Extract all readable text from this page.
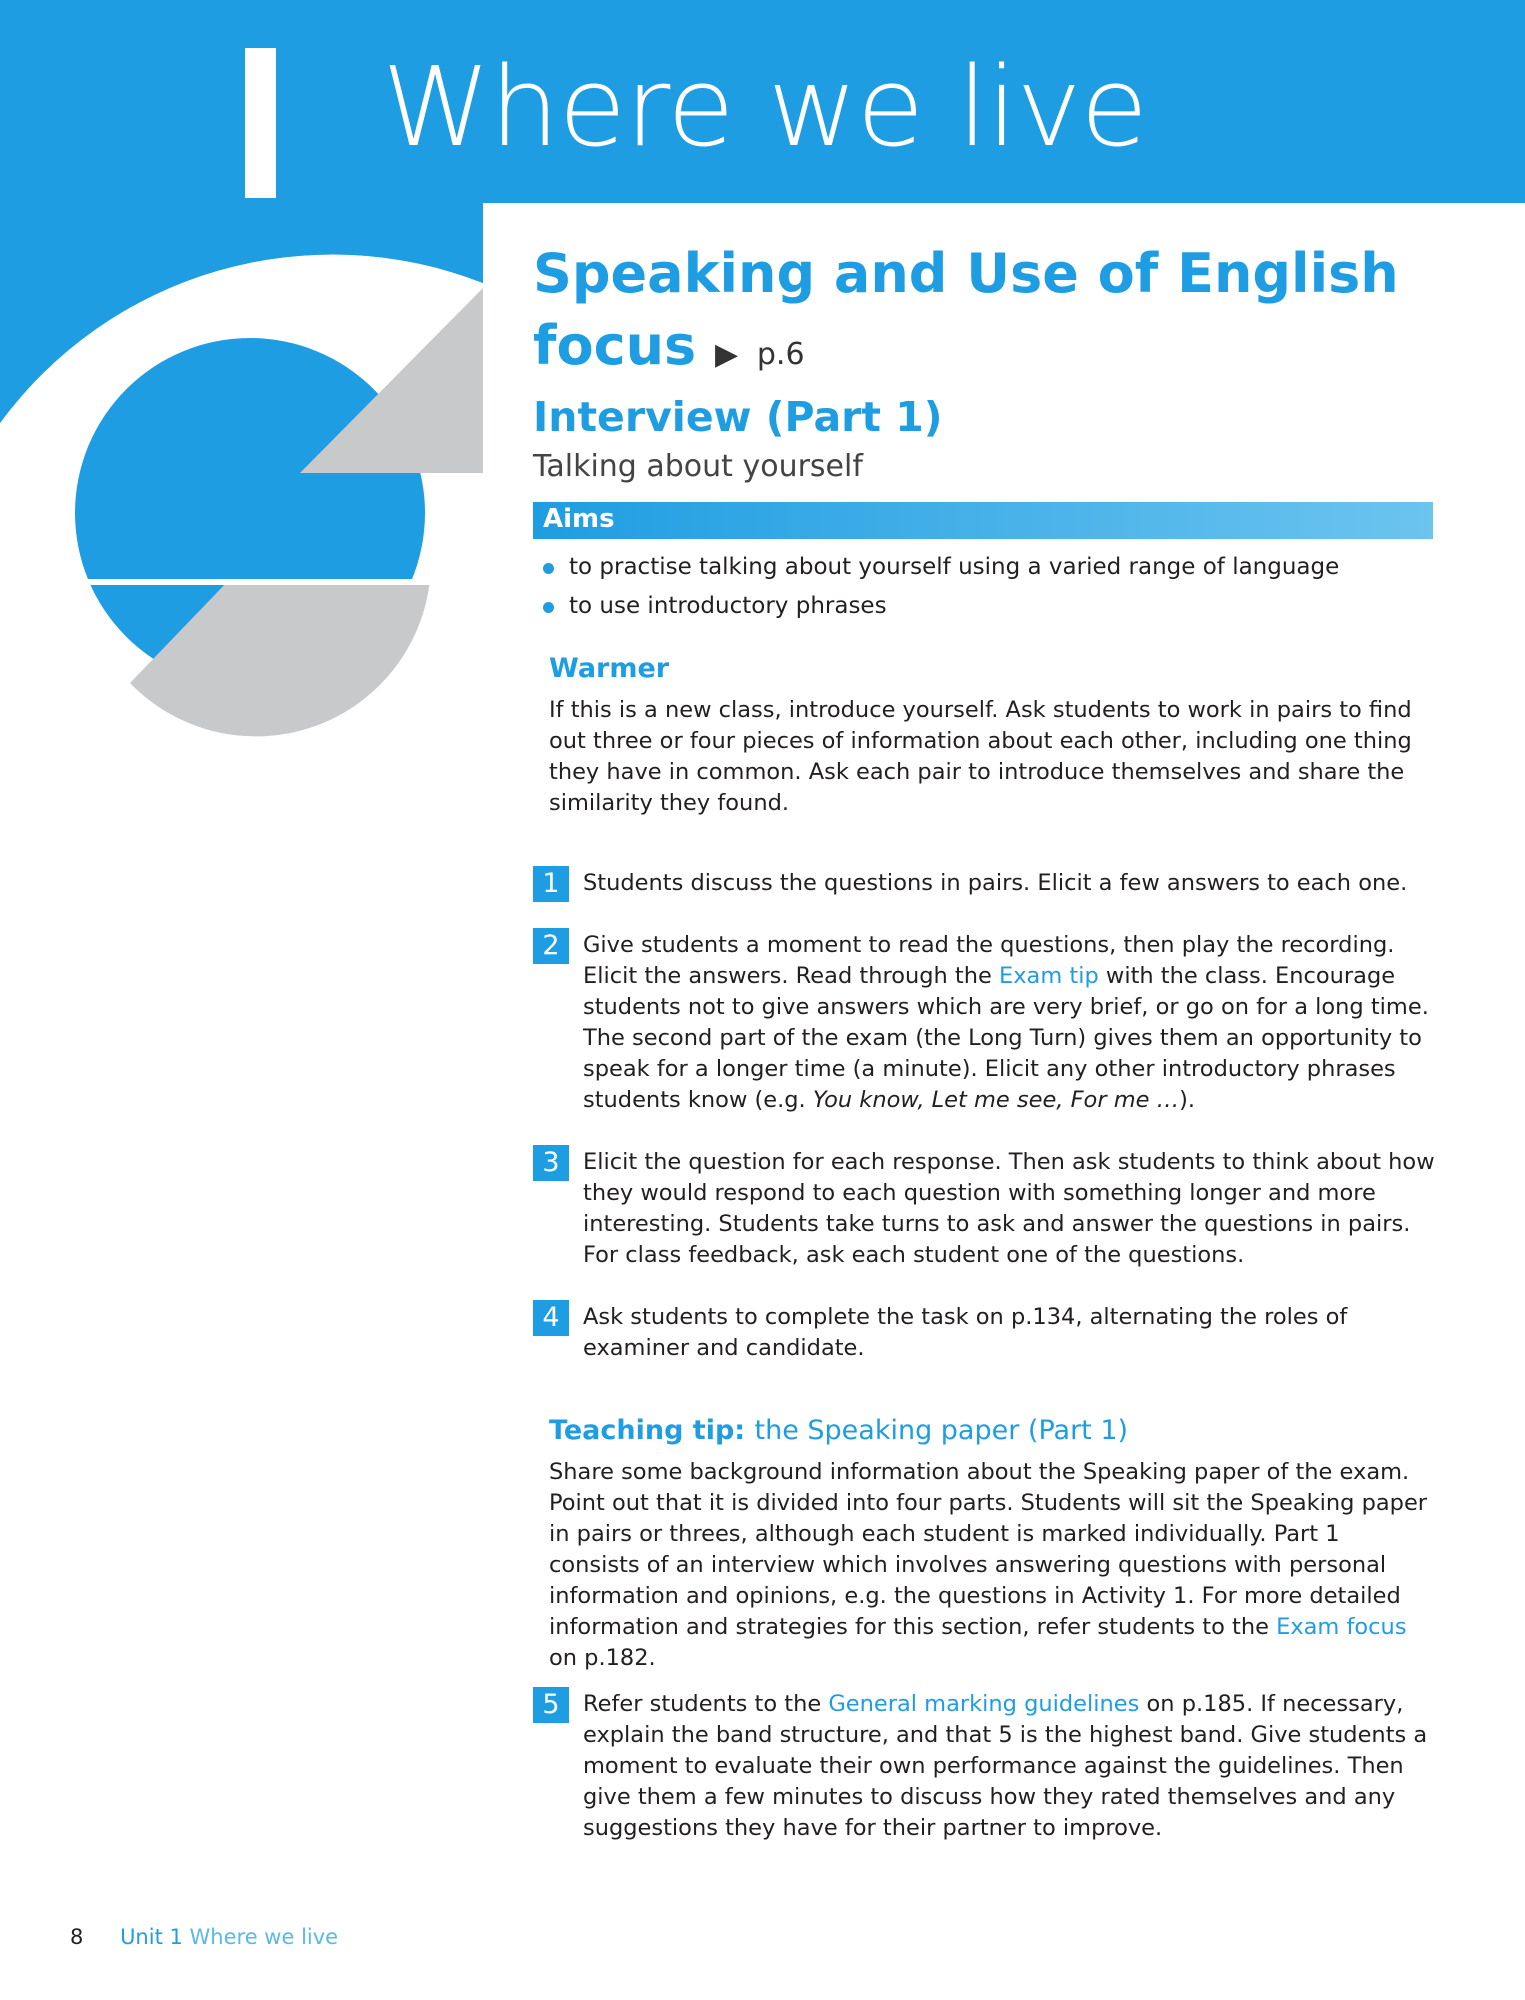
Where we live
Speaking and Use of English focus ▶ p.6
Interview (Part 1)

Talking about yourself

Aims
to practise talking about yourself using a varied range of language
to use introductory phrases
Warmer

If this is a new class, introduce yourself. Ask students to work in pairs to find out three or four pieces of information about each other, including one thing they have in common. Ask each pair to introduce themselves and share the similarity they found.

1	Students discuss the questions in pairs. Elicit a few answers to each one.

2	Give students a moment to read the questions, then play the recording. Elicit the answers. Read through the Exam tip with the class. Encourage students not to give answers which are very brief, or go on for a long time. The second part of the exam (the Long Turn) gives them an opportunity to speak for a longer time (a minute). Elicit any other introductory phrases students know (e.g. You know, Let me see, For me …).

3	Elicit the question for each response. Then ask students to think about how they would respond to each question with something longer and more interesting. Students take turns to ask and answer the questions in pairs. For class feedback, ask each student one of the questions.

4	Ask students to complete the task on p.134, alternating the roles of examiner and candidate.

Teaching tip: the Speaking paper (Part 1)

Share some background information about the Speaking paper of the exam. Point out that it is divided into four parts. Students will sit the Speaking paper in pairs or threes, although each student is marked individually. Part 1 consists of an interview which involves answering questions with personal information and opinions, e.g. the questions in Activity 1. For more detailed information and strategies for this section, refer students to the Exam focus on p.182.

5	Refer students to the General marking guidelines on p.185. If necessary, explain the band structure, and that 5 is the highest band. Give students a moment to evaluate their own performance against the guidelines. Then give them a few minutes to discuss how they rated themselves and any suggestions they have for their partner to improve.

8 Unit 1 Where we live
